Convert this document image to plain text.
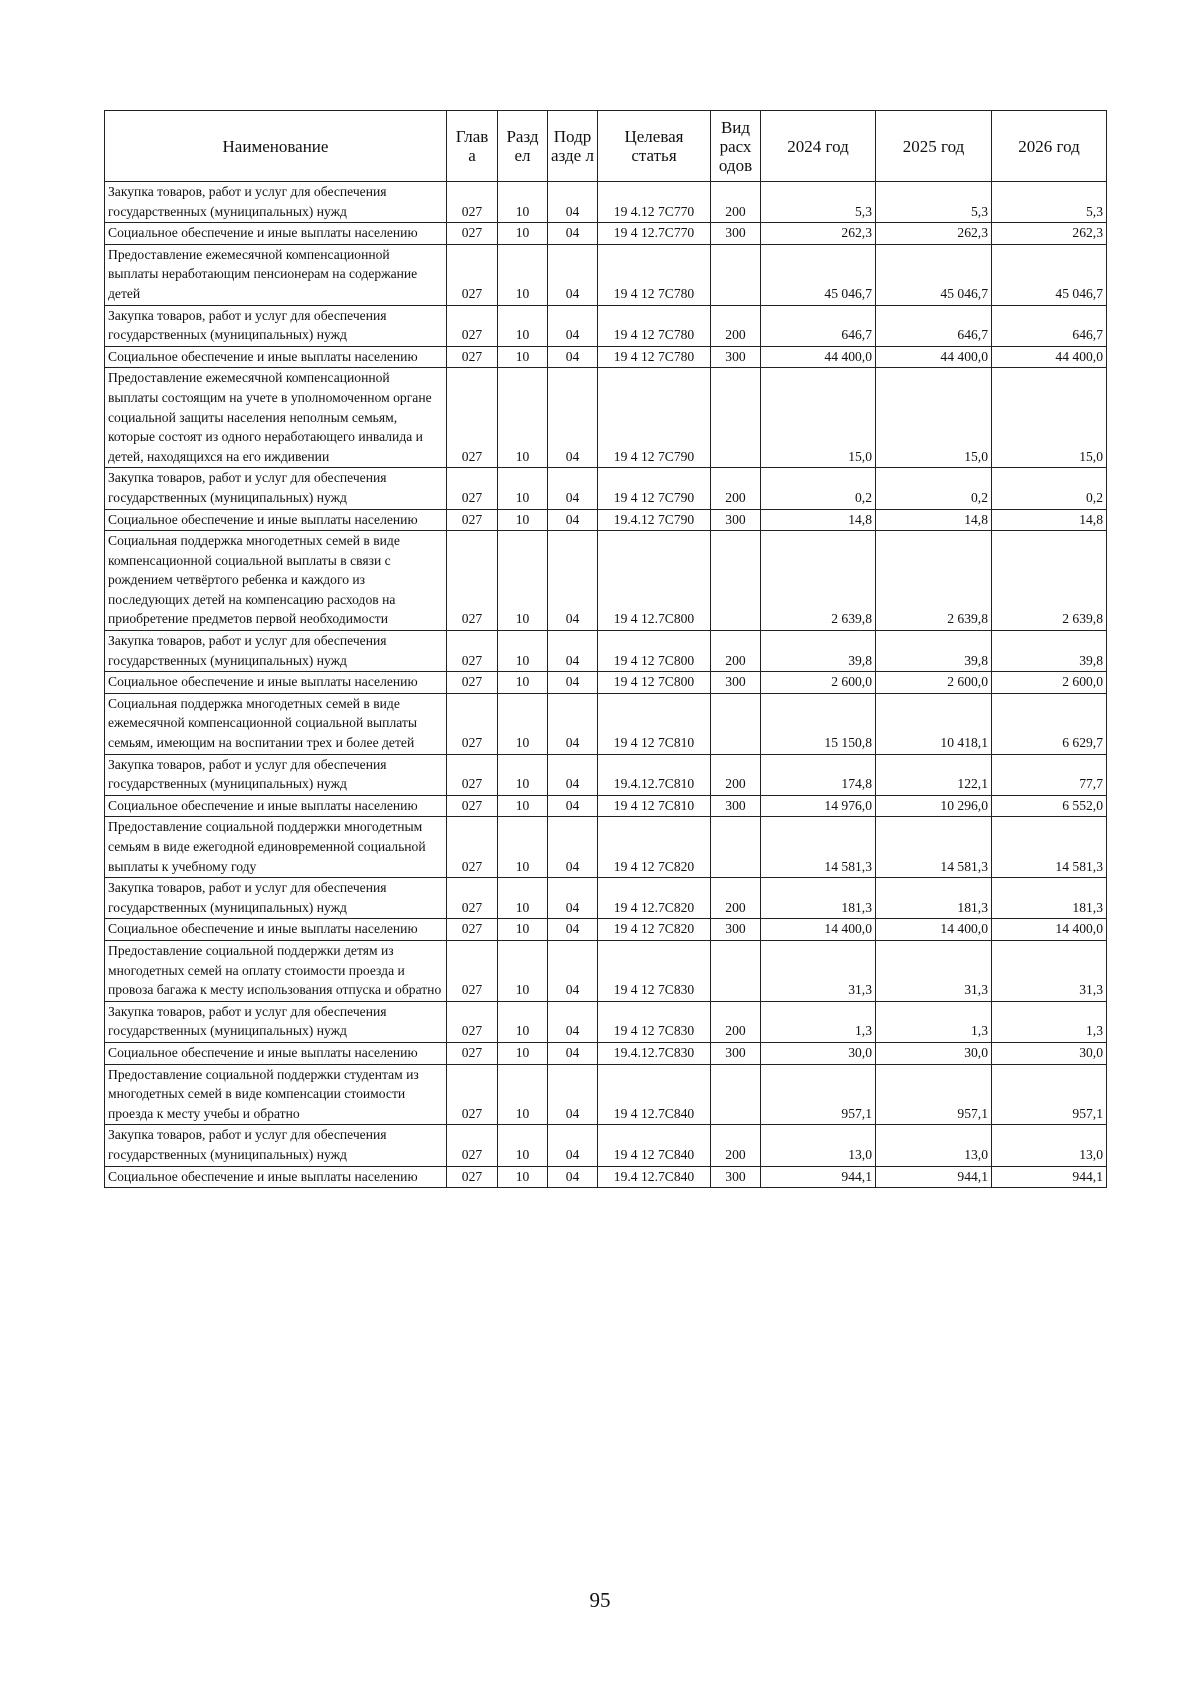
Наименование	Глав а	Разд ел	Подр азде л	Целевая статья	Вид расх одов	2024 год	2025 год	2026 год
Закупка товаров, работ и услуг для обеспечения государственных (муниципальных) нужд	027	10	04	19 4.12 7С770	200	5,3	5,3	5,3
Социальное обеспечение и иные выплаты населению	027	10	04	19 4 12.7С770	300	262,3	262,3	262,3
Предоставление ежемесячной компенсационной выплаты неработающим пенсионерам на содержание детей	027	10	04	19 4 12 7С780		45 046,7	45 046,7	45 046,7
Закупка товаров, работ и услуг для обеспечения государственных (муниципальных) нужд	027	10	04	19 4 12 7С780	200	646,7	646,7	646,7
Социальное обеспечение и иные выплаты населению	027	10	04	19 4 12 7С780	300	44 400,0	44 400,0	44 400,0
Предоставление ежемесячной компенсационной выплаты состоящим на учете в уполномоченном органе социальной защиты населения неполным семьям, которые состоят из одного неработающего инвалида и детей, находящихся на его иждивении	027	10	04	19 4 12 7С790		15,0	15,0	15,0
Закупка товаров, работ и услуг для обеспечения государственных (муниципальных) нужд	027	10	04	19 4 12 7С790	200	0,2	0,2	0,2
Социальное обеспечение и иные выплаты населению	027	10	04	19.4.12 7С790	300	14,8	14,8	14,8
Социальная поддержка многодетных семей в виде компенсационной социальной выплаты в связи с рождением четвёртого ребенка и каждого из последующих детей на компенсацию расходов на приобретение предметов первой необходимости	027	10	04	19 4 12.7С800		2 639,8	2 639,8	2 639,8
Закупка товаров, работ и услуг для обеспечения государственных (муниципальных) нужд	027	10	04	19 4 12 7С800	200	39,8	39,8	39,8
Социальное обеспечение и иные выплаты населению	027	10	04	19 4 12 7С800	300	2 600,0	2 600,0	2 600,0
Социальная поддержка многодетных семей в виде ежемесячной компенсационной социальной выплаты семьям, имеющим на воспитании трех и более детей	027	10	04	19 4 12 7С810		15 150,8	10 418,1	6 629,7
Закупка товаров, работ и услуг для обеспечения государственных (муниципальных) нужд	027	10	04	19.4.12.7С810	200	174,8	122,1	77,7
Социальное обеспечение и иные выплаты населению	027	10	04	19 4 12 7С810	300	14 976,0	10 296,0	6 552,0
Предоставление социальной поддержки многодетным семьям в виде ежегодной единовременной социальной выплаты к учебному году	027	10	04	19 4 12 7С820		14 581,3	14 581,3	14 581,3
Закупка товаров, работ и услуг для обеспечения государственных (муниципальных) нужд	027	10	04	19 4 12.7С820	200	181,3	181,3	181,3
Социальное обеспечение и иные выплаты населению	027	10	04	19 4 12 7С820	300	14 400,0	14 400,0	14 400,0
Предоставление социальной поддержки детям из многодетных семей на оплату стоимости проезда и провоза багажа к месту использования отпуска и обратно	027	10	04	19 4 12 7С830		31,3	31,3	31,3
Закупка товаров, работ и услуг для обеспечения государственных (муниципальных) нужд	027	10	04	19 4 12 7С830	200	1,3	1,3	1,3
Социальное обеспечение и иные выплаты населению	027	10	04	19.4.12.7С830	300	30,0	30,0	30,0
Предоставление социальной поддержки студентам из многодетных семей в виде компенсации стоимости проезда к месту учебы и обратно	027	10	04	19 4 12.7С840		957,1	957,1	957,1
Закупка товаров, работ и услуг для обеспечения государственных (муниципальных) нужд	027	10	04	19 4 12 7С840	200	13,0	13,0	13,0
Социальное обеспечение и иные выплаты населению	027	10	04	19.4 12.7С840	300	944,1	944,1	944,1
95
